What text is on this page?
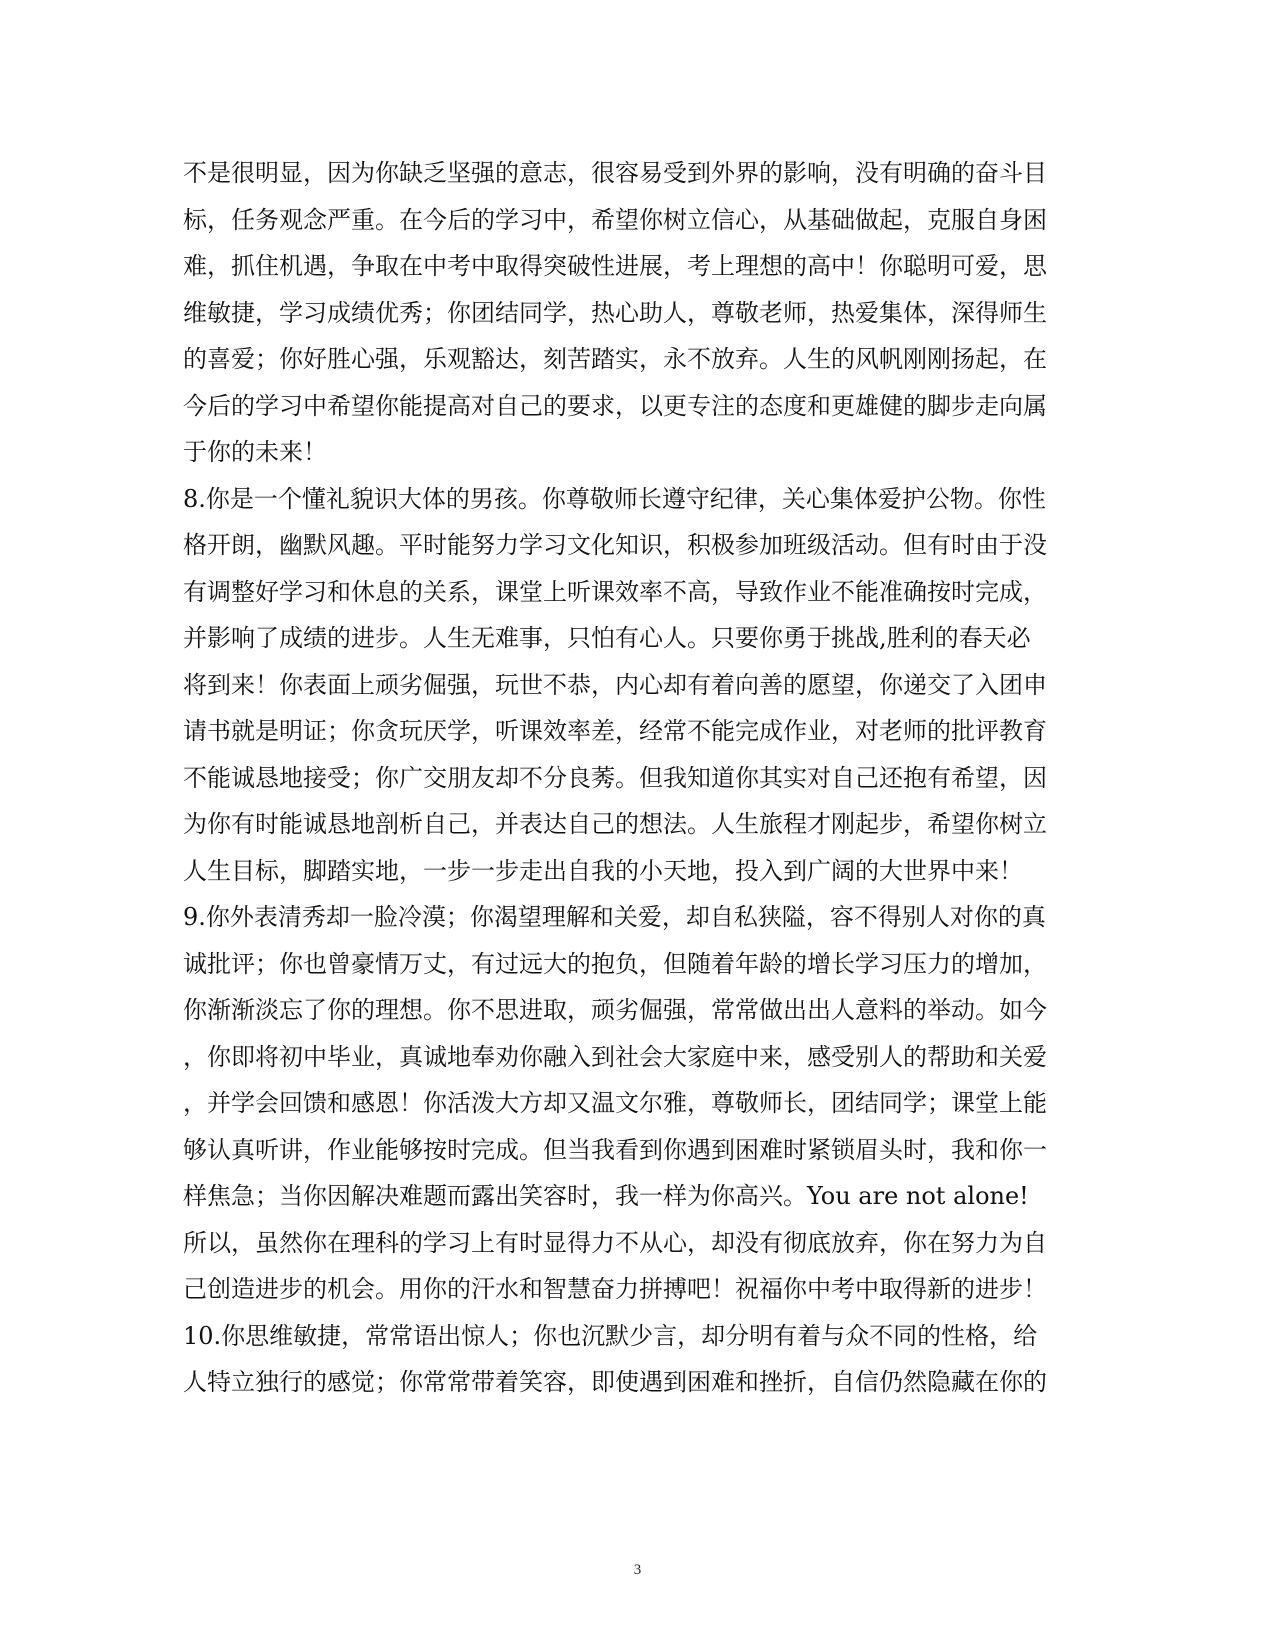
不是很明显，因为你缺乏坚强的意志，很容易受到外界的影响，没有明确的奋斗目
标，任务观念严重。在今后的学习中，希望你树立信心，从基础做起，克服自身困
难，抓住机遇，争取在中考中取得突破性进展，考上理想的高中！你聪明可爱，思
维敏捷，学习成绩优秀；你团结同学，热心助人，尊敬老师，热爱集体，深得师生
的喜爱；你好胜心强，乐观豁达，刻苦踏实，永不放弃。人生的风帆刚刚扬起，在
今后的学习中希望你能提高对自己的要求，以更专注的态度和更雄健的脚步走向属
于你的未来！
8.你是一个懂礼貌识大体的男孩。你尊敬师长遵守纪律，关心集体爱护公物。你性
格开朗，幽默风趣。平时能努力学习文化知识，积极参加班级活动。但有时由于没
有调整好学习和休息的关系，课堂上听课效率不高，导致作业不能准确按时完成，
并影响了成绩的进步。人生无难事，只怕有心人。只要你勇于挑战,胜利的春天必
将到来！你表面上顽劣倔强，玩世不恭，内心却有着向善的愿望，你递交了入团申
请书就是明证；你贪玩厌学，听课效率差，经常不能完成作业，对老师的批评教育
不能诚恳地接受；你广交朋友却不分良莠。但我知道你其实对自己还抱有希望，因
为你有时能诚恳地剖析自己，并表达自己的想法。人生旅程才刚起步，希望你树立
人生目标，脚踏实地，一步一步走出自我的小天地，投入到广阔的大世界中来！
9.你外表清秀却一脸冷漠；你渴望理解和关爱，却自私狭隘，容不得别人对你的真
诚批评；你也曾豪情万丈，有过远大的抱负，但随着年龄的增长学习压力的增加，
你渐渐淡忘了你的理想。你不思进取，顽劣倔强，常常做出出人意料的举动。如今
，你即将初中毕业，真诚地奉劝你融入到社会大家庭中来，感受别人的帮助和关爱
，并学会回馈和感恩！你活泼大方却又温文尔雅，尊敬师长，团结同学；课堂上能
够认真听讲，作业能够按时完成。但当我看到你遇到困难时紧锁眉头时，我和你一
样焦急；当你因解决难题而露出笑容时，我一样为你高兴。You are not alone!
所以，虽然你在理科的学习上有时显得力不从心，却没有彻底放弃，你在努力为自
己创造进步的机会。用你的汗水和智慧奋力拼搏吧！祝福你中考中取得新的进步！
10.你思维敏捷，常常语出惊人；你也沉默少言，却分明有着与众不同的性格，给
人特立独行的感觉；你常常带着笑容，即使遇到困难和挫折，自信仍然隐藏在你的
3
